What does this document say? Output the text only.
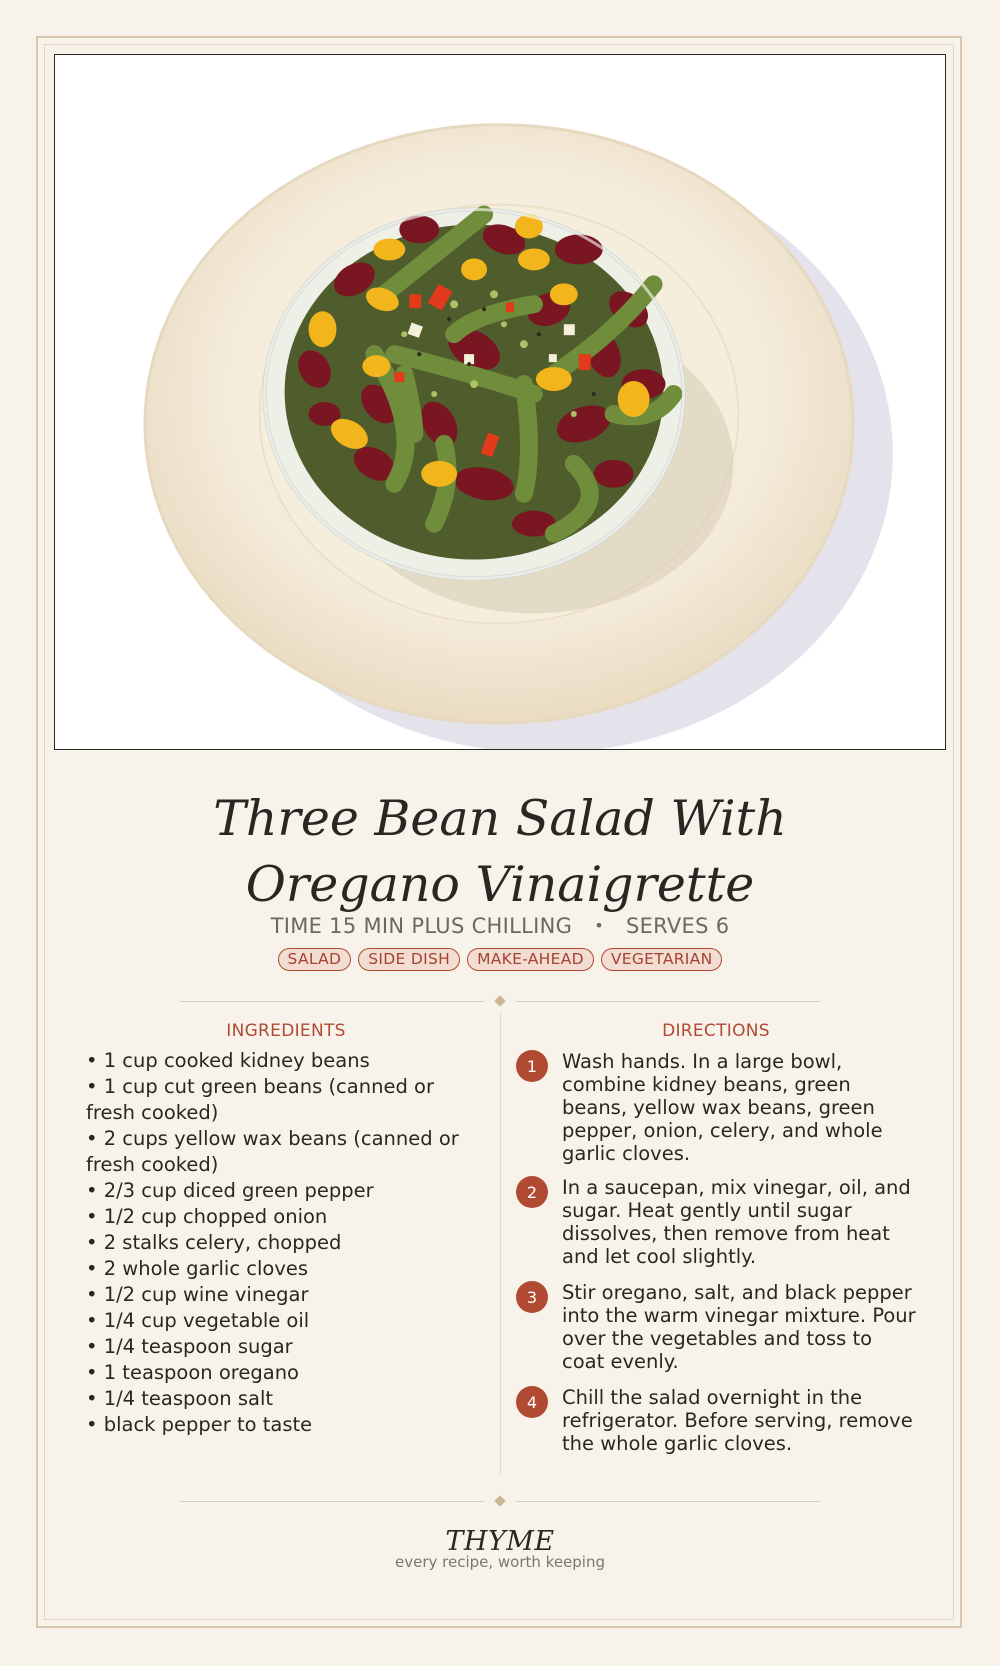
Three Bean Salad With Oregano Vinaigrette
TIME 15 MIN PLUS CHILLING • SERVES 6
SALAD	SIDE DISH	MAKE-AHEAD	VEGETARIAN
INGREDIENTS	DIRECTIONS
• 1 cup cooked kidney beans
• 1 cup cut green beans (canned or fresh cooked)
• 2 cups yellow wax beans (canned or fresh cooked)
• 2/3 cup diced green pepper
• 1/2 cup chopped onion
• 2 stalks celery, chopped
• 2 whole garlic cloves
• 1/2 cup wine vinegar
• 1/4 cup vegetable oil
• 1/4 teaspoon sugar
• 1 teaspoon oregano
• 1/4 teaspoon salt
• black pepper to taste
1	Wash hands. In a large bowl, combine kidney beans, green beans, yellow wax beans, green pepper, onion, celery, and whole garlic cloves.
2	In a saucepan, mix vinegar, oil, and sugar. Heat gently until sugar dissolves, then remove from heat and let cool slightly.
3	Stir oregano, salt, and black pepper into the warm vinegar mixture. Pour over the vegetables and toss to coat evenly.
4	Chill the salad overnight in the refrigerator. Before serving, remove the whole garlic cloves.
THYME
every recipe, worth keeping
